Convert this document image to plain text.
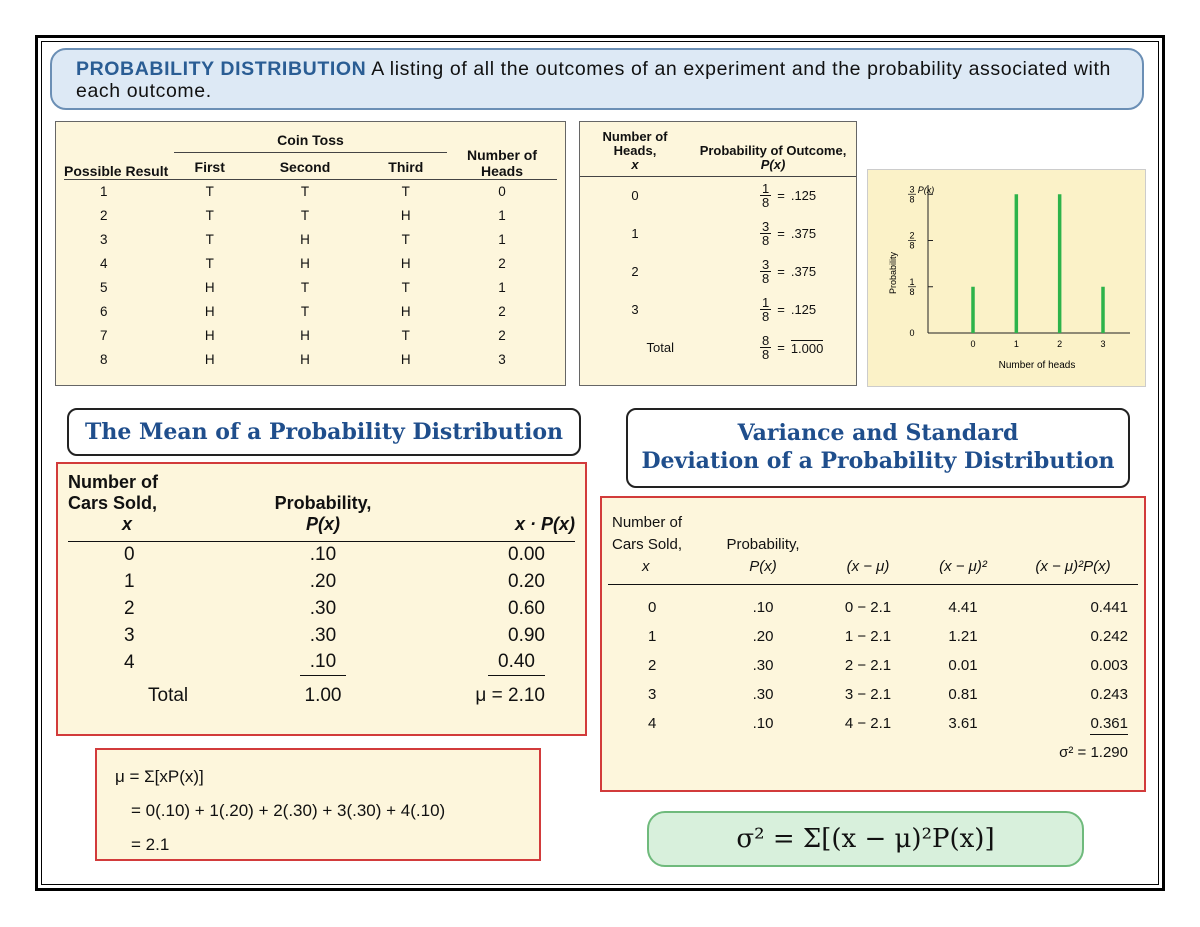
PROBABILITY DISTRIBUTION A listing of all the outcomes of an experiment and the probability associated with each outcome.
Possible Result	Coin Toss			Number of Heads
	First	Second	Third	
1	T	T	T	0
2	T	T	H	1
3	T	H	T	1
4	T	H	H	2
5	H	T	T	1
6	H	T	H	2
7	H	H	T	2
8	H	H	H	3
Number of Heads,
x	Probability of Outcome,
P(x)
0	$\frac{1}{8} = .125$
1	$\frac{3}{8} = .375$
2	$\frac{3}{8} = .375$
3	$\frac{1}{8} = .125$
Total	$\frac{8}{8} = 1.000$
P(x)
0
1
8
2
8
3
8
Probability
0	1	2	3
Number of heads
The Mean of a Probability Distribution	Variance and Standard
Deviation of a Probability Distribution
Number of
Cars Sold,
x	Probability,
P(x)	x · P(x)
0	.10	0.00
1	.20	0.20
2	.30	0.60
3	.30	0.90
4	.10	0.40
Total	1.00	μ = 2.10
μ = Σ[xP(x)]
= 0(.10) + 1(.20) + 2(.30) + 3(.30) + 4(.10)
= 2.1
Number of
Cars Sold,
x	Probability,
P(x)	(x − μ)	(x − μ)²	(x − μ)²P(x)

0	.10	0 − 2.1	4.41	0.441
1	.20	1 − 2.1	1.21	0.242
2	.30	2 − 2.1	0.01	0.003
3	.30	3 − 2.1	0.81	0.243
4	.10	4 − 2.1	3.61	0.361
				σ² = 1.290
σ² = Σ[(x − μ)²P(x)]
